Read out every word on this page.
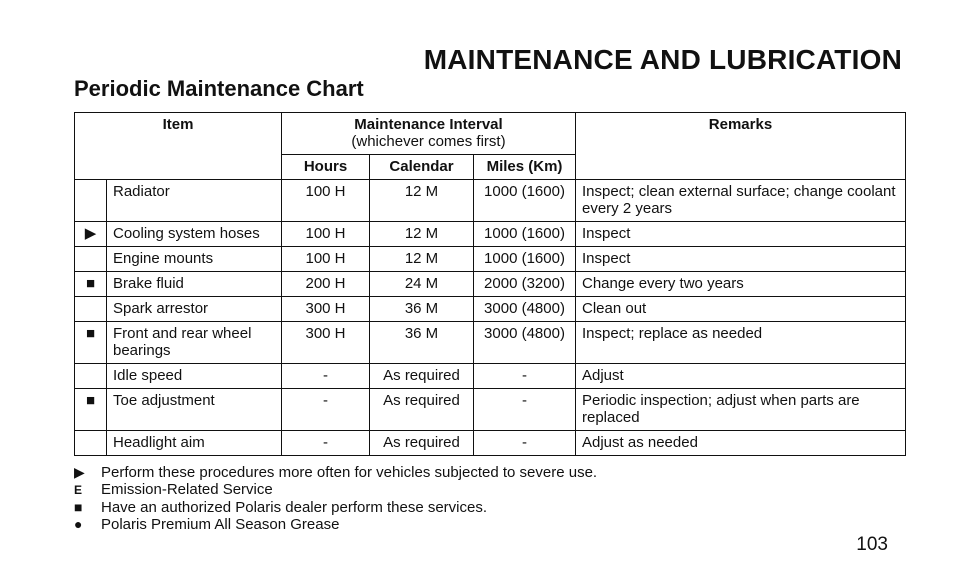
MAINTENANCE AND LUBRICATION
Periodic Maintenance Chart
Item		Maintenance Interval
(whichever comes first)			Remarks
		Hours	Calendar	Miles (Km)	
	Radiator	100 H	12 M	1000 (1600)	Inspect; clean external surface; change coolant every 2 years
▶	Cooling system hoses	100 H	12 M	1000 (1600)	Inspect
	Engine mounts	100 H	12 M	1000 (1600)	Inspect
■	Brake fluid	200 H	24 M	2000 (3200)	Change every two years
	Spark arrestor	300 H	36 M	3000 (4800)	Clean out
■	Front and rear wheel bearings	300 H	36 M	3000 (4800)	Inspect; replace as needed
	Idle speed	-	As required	-	Adjust
■	Toe adjustment	-	As required	-	Periodic inspection; adjust when parts are replaced
	Headlight aim	-	As required	-	Adjust as needed
▶	Perform these procedures more often for vehicles subjected to severe use.
E	Emission-Related Service
■	Have an authorized Polaris dealer perform these services.
●	Polaris Premium All Season Grease
103
